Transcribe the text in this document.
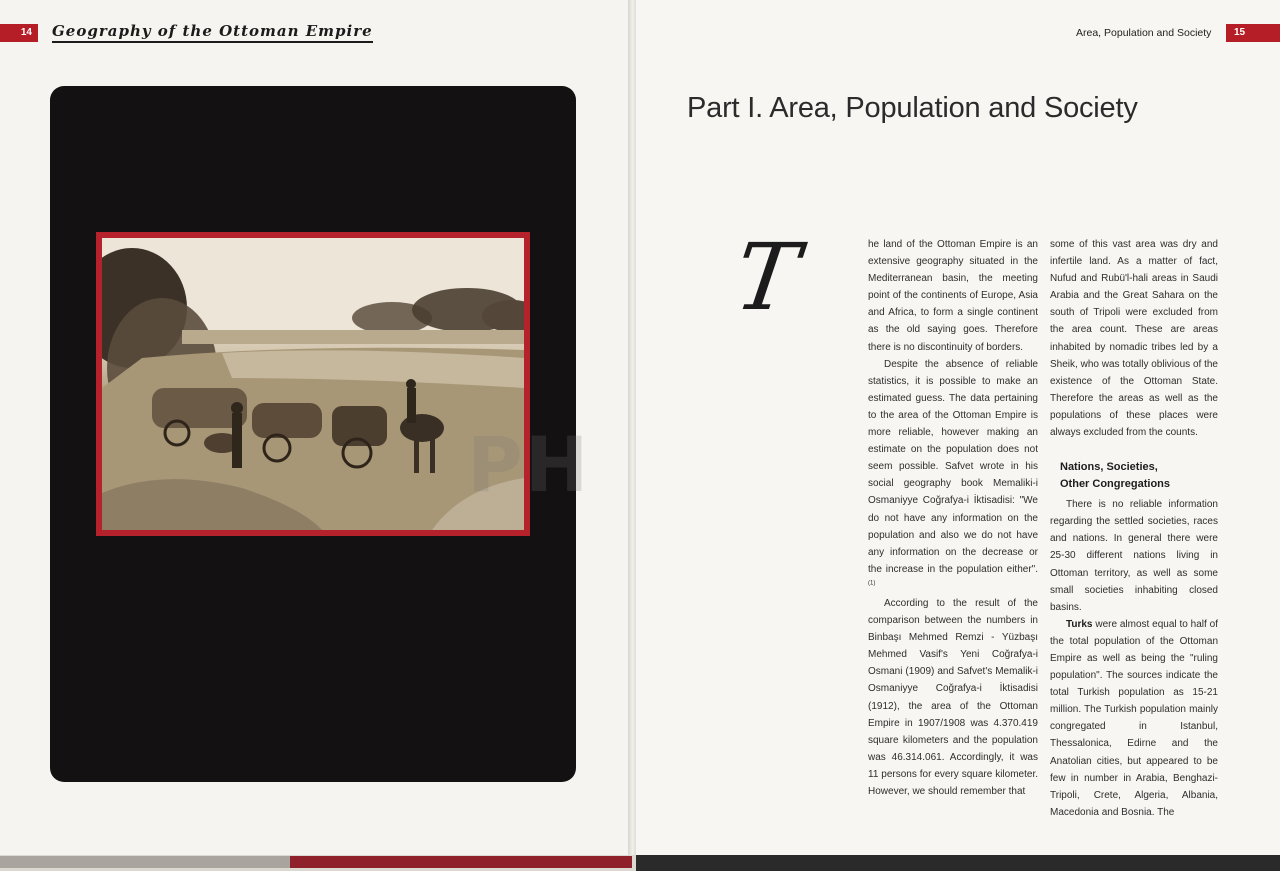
14	Geography of the Ottoman Empire	Area, Population and Society	15
Part I. Area, Population and Society
T	he land of the Ottoman Empire is an extensive geography situated in the Mediterranean basin, the meeting point of the continents of Europe, Asia and Africa, to form a single continent as the old saying goes. Therefore there is no discontinuity of borders.

Despite the absence of reliable statistics, it is possible to make an estimated guess. The data pertaining to the area of the Ottoman Empire is more reliable, however making an estimate on the population does not seem possible. Safvet wrote in his social geography book Memaliki-i Osmaniyye Coğrafya-i İktisadisi: "We do not have any information on the population and also we do not have any information on the decrease or the increase in the population either". $^{(1)}$

According to the result of the comparison between the numbers in Binbaşı Mehmed Remzi - Yüzbaşı Mehmed Vasif's Yeni Coğrafya-i Osmani (1909) and Safvet's Memalik-i Osmaniyye Coğrafya-i İktisadisi (1912), the area of the Ottoman Empire in 1907/1908 was 4.370.419 square kilometers and the population was 46.314.061. Accordingly, it was 11 persons for every square kilometer. However, we should remember that

some of this vast area was dry and infertile land. As a matter of fact, Nufud and Rubü'l-hali areas in Saudi Arabia and the Great Sahara on the south of Tripoli were excluded from the area count. These are areas inhabited by nomadic tribes led by a Sheik, who was totally oblivious of the existence of the Ottoman State. Therefore the areas as well as the populations of these places were always excluded from the counts.

Nations, Societies,
Other Congregations

There is no reliable information regarding the settled societies, races and nations. In general there were 25-30 different nations living in Ottoman territory, as well as some small societies inhabiting closed basins.

Turks were almost equal to half of the total population of the Ottoman Empire as well as being the "ruling population". The sources indicate the total Turkish population as 15-21 million. The Turkish population mainly congregated in Istanbul, Thessalonica, Edirne and the Anatolian cities, but appeared to be few in number in Arabia, Benghazi-Tripoli, Crete, Algeria, Albania, Macedonia and Bosnia. The

PH
